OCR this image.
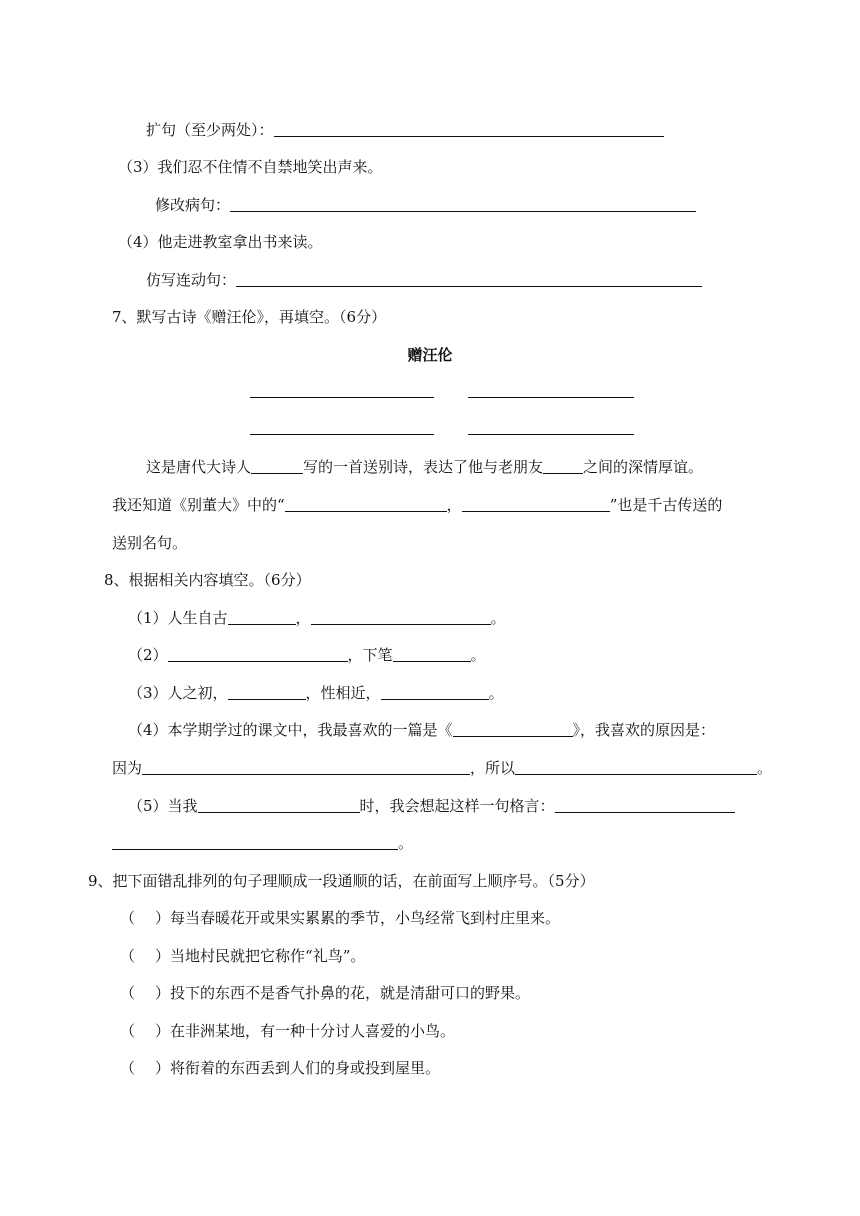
扩句（至少两处）：
（3）我们忍不住情不自禁地笑出声来。
修改病句：
（4）他走进教室拿出书来读。
仿写连动句：
7、默写古诗《赠汪伦》，再填空。（6分）
赠汪伦
这是唐代大诗人	写的一首送别诗，表达了他与老朋友	之间的深情厚谊。
我还知道《别董大》中的“	，	”也是千古传送的
送别名句。
8、根据相关内容填空。（6分）
（1）人生自古	，	。
（2）	，下笔	。
（3）人之初，	，性相近，	。
（4）本学期学过的课文中，我最喜欢的一篇是《	》，我喜欢的原因是：
因为	，所以	。
（5）当我	时，我会想起这样一句格言：
。
9、把下面错乱排列的句子理顺成一段通顺的话，在前面写上顺序号。（5分）
（ ）每当春暖花开或果实累累的季节，小鸟经常飞到村庄里来。
（ ）当地村民就把它称作“礼鸟”。
（ ）投下的东西不是香气扑鼻的花，就是清甜可口的野果。
（ ）在非洲某地，有一种十分讨人喜爱的小鸟。
（ ）将衔着的东西丢到人们的身或投到屋里。
